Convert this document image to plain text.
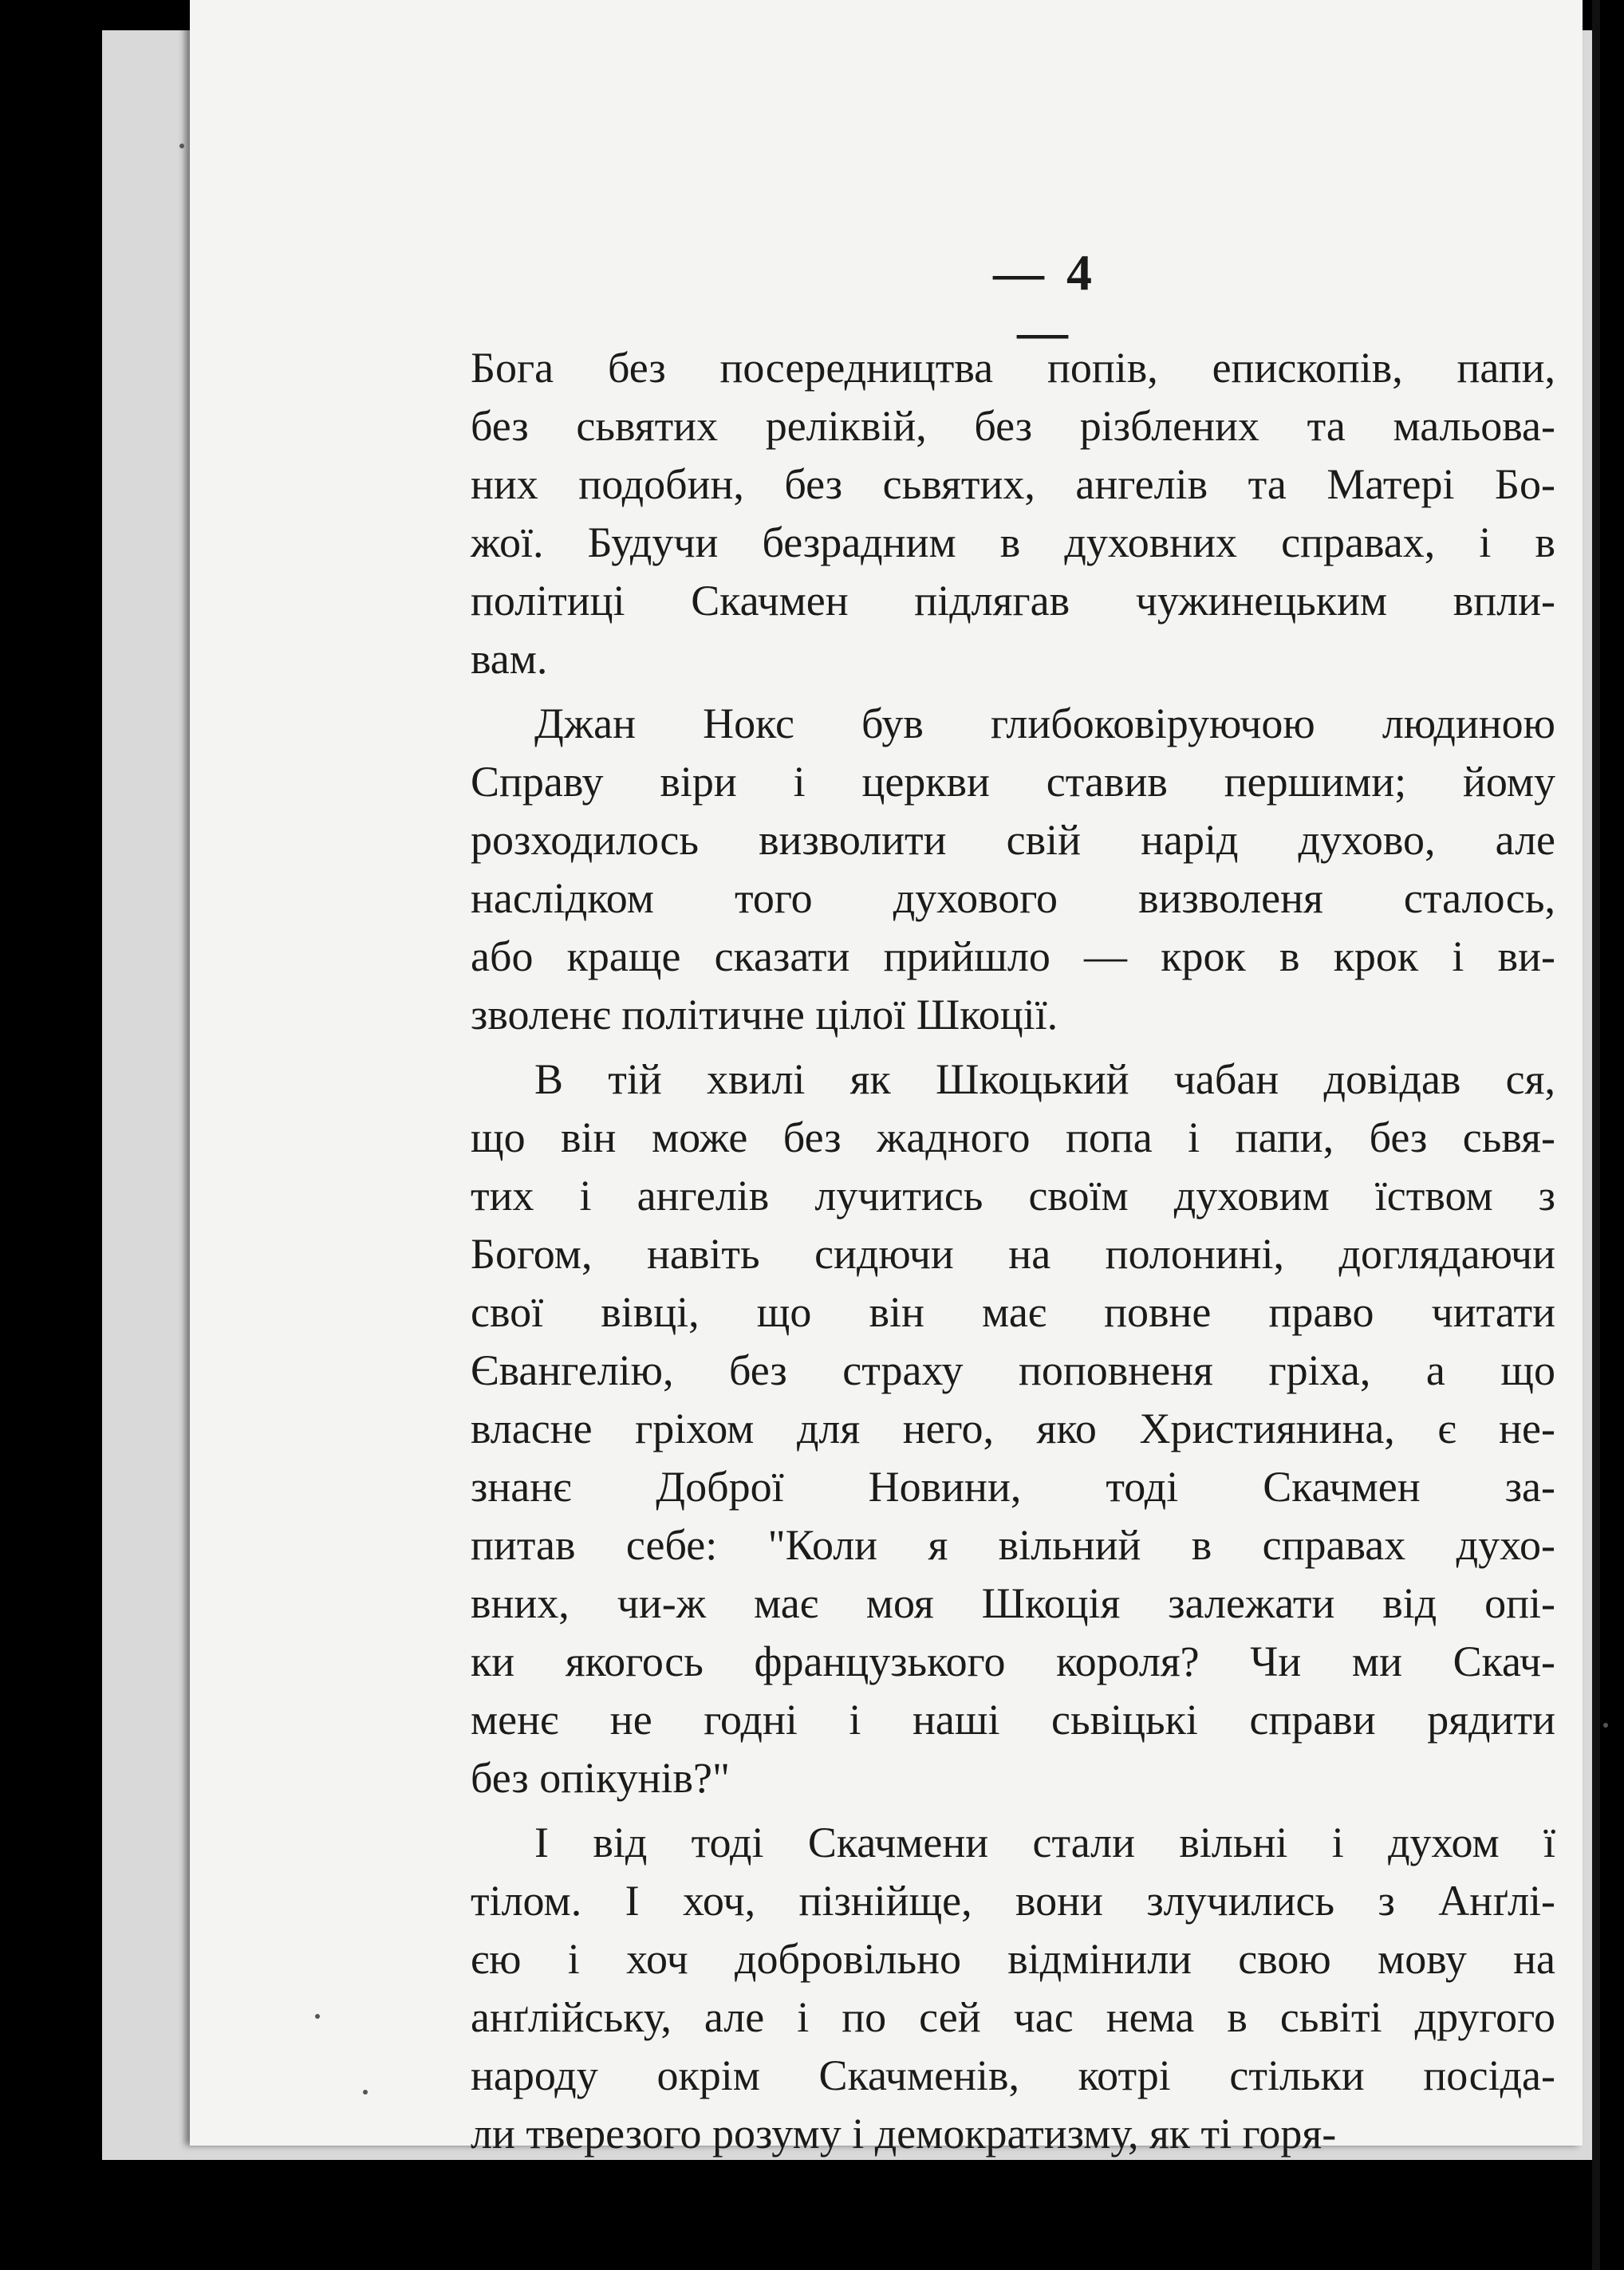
— 4 —
Бога без посередництва попів, епископів, папи,
без сьвятих реліквій, без різблених та мальова-
них подобин, без сьвятих, ангелів та Матері Бо-
жої. Будучи безрадним в духовних справах, і в
політиці Скачмен підлягав чужинецьким впли-
вам.
Джан Нокс був глибоковіруючою людиною
Справу віри і церкви ставив першими; йому
розходилось визволити свій нарід духово, але
наслідком того духового визволеня сталось,
або краще сказати прийшло — крок в крок і ви-
зволенє політичне цілої Шкоції.
В тій хвилі як Шкоцький чабан довідав ся,
що він може без жадного попа і папи, без сьвя-
тих і ангелів лучитись своїм духовим їством з
Богом, навіть сидючи на полонині, доглядаючи
свої вівці, що він має повне право читати
Євангелію, без страху поповненя гріха, а що
власне гріхом для него, яко Християнина, є не-
знанє Доброї Новини, тоді Скачмен за-
питав себе: "Коли я вільний в справах духо-
вних, чи-ж має моя Шкоція залежати від опі-
ки якогось французького короля? Чи ми Скач-
менє не годні і наші сьвіцькі справи рядити
без опікунів?"
І від тоді Скачмени стали вільні і духом ї
тілом. І хоч, пізнійще, вони злучились з Анґлі-
єю і хоч добровільно відмінили свою мову на
анґлійську, але і по сей час нема в сьвіті другого
народу окрім Скачменів, котрі стільки посіда-
ли тверезого розуму і демократизму, як ті горя-
